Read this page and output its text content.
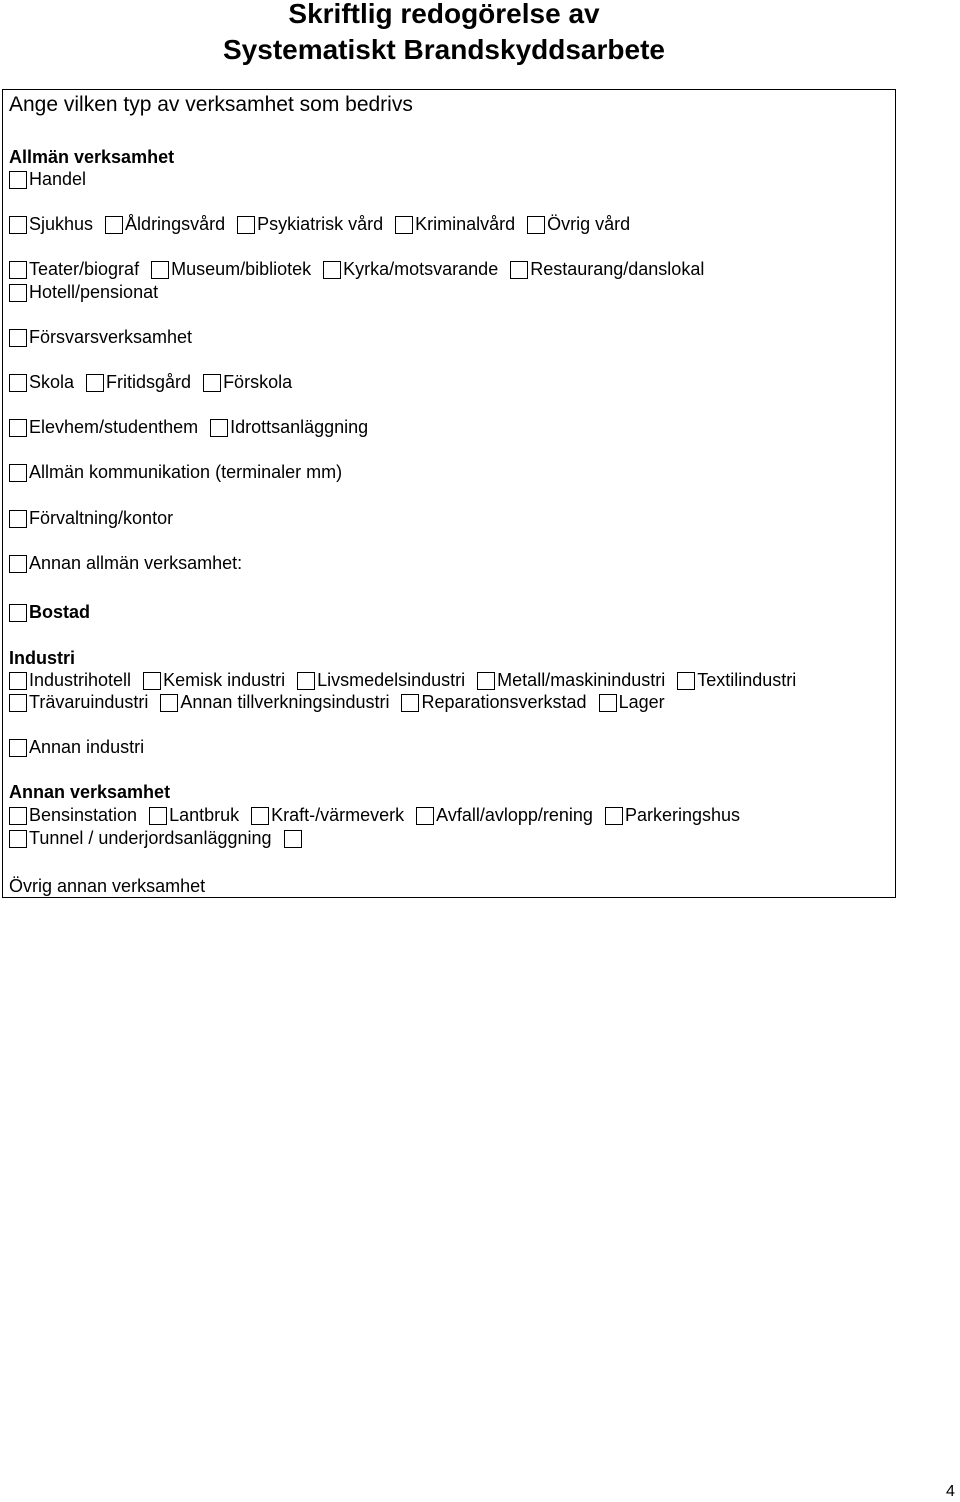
Skriftlig redogörelse av
Systematiskt Brandskyddsarbete
Ange vilken typ av verksamhet som bedrivs
Allmän verksamhet
Handel
Sjukhus Åldringsvård Psykiatrisk vård Kriminalvård Övrig vård
Teater/biograf Museum/bibliotek Kyrka/motsvarande Restaurang/danslokal
Hotell/pensionat
Försvarsverksamhet
Skola Fritidsgård Förskola
Elevhem/studenthem Idrottsanläggning
Allmän kommunikation (terminaler mm)
Förvaltning/kontor
Annan allmän verksamhet:
Bostad
Industri
Industrihotell Kemisk industri Livsmedelsindustri Metall/maskinindustri Textilindustri
Trävaruindustri Annan tillverkningsindustri Reparationsverkstad Lager
Annan industri
Annan verksamhet
Bensinstation Lantbruk Kraft-/värmeverk Avfall/avlopp/rening Parkeringshus
Tunnel / underjordsanläggning
Övrig annan verksamhet
4
